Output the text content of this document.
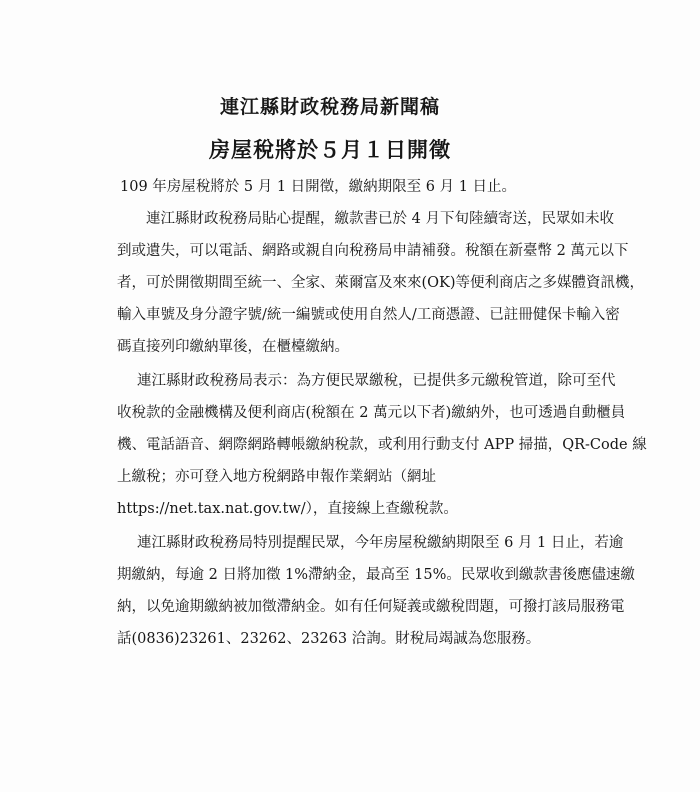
連江縣財政稅務局新聞稿
房屋稅將於５月１日開徵
109 年房屋稅將於 5 月 1 日開徵，繳納期限至 6 月 1 日止。
連江縣財政稅務局貼心提醒，繳款書已於 4 月下旬陸續寄送，民眾如未收
到或遺失，可以電話、網路或親自向稅務局申請補發。稅額在新臺幣 2 萬元以下
者，可於開徵期間至統一、全家、萊爾富及來來(OK)等便利商店之多媒體資訊機，
輸入車號及身分證字號/統一編號或使用自然人/工商憑證、已註冊健保卡輸入密
碼直接列印繳納單後，在櫃檯繳納。
連江縣財政稅務局表示：為方便民眾繳稅，已提供多元繳稅管道，除可至代
收稅款的金融機構及便利商店(稅額在 2 萬元以下者)繳納外，也可透過自動櫃員
機、電話語音、網際網路轉帳繳納稅款，或利用行動支付 APP 掃描，QR-Code 線
上繳稅；亦可登入地方稅網路申報作業網站（網址
https://net.tax.nat.gov.tw/），直接線上查繳稅款。
連江縣財政稅務局特別提醒民眾，今年房屋稅繳納期限至 6 月 1 日止，若逾
期繳納，每逾 2 日將加徵 1%滯納金，最高至 15%。民眾收到繳款書後應儘速繳
納，以免逾期繳納被加徵滯納金。如有任何疑義或繳稅問題，可撥打該局服務電
話(0836)23261、23262、23263 洽詢。財稅局竭誠為您服務。
